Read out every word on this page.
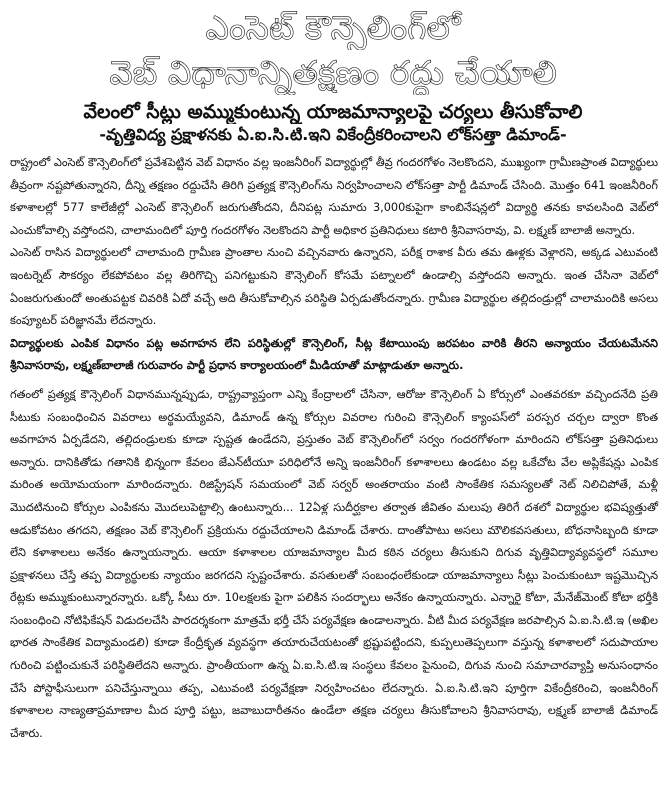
ఎంసెట్ కౌన్సెలింగ్‌లో
వెబ్ విధానాన్నితక్షణం రద్దు చేయాలి
వేలంలో సీట్లు అమ్ముకుంటున్న యాజమాన్యాలపై చర్యలు తీసుకోవాలి
-వృత్తివిద్య ప్రక్షాళనకు ఏ.ఐ.సి.టి.ఇని వికేంద్రీకరించాలని లోక్‌సత్తా డిమాండ్-

రాష్ట్రంలో ఎంసెట్ కౌన్సెలింగ్‌లో ప్రవేశపెట్టిన వెబ్ విధానం వల్ల ఇంజనీరింగ్ విద్యార్థుల్లో తీవ్ర గందరగోళం నెలకొందని, ముఖ్యంగా గ్రామీణప్రాంత విద్యార్థులు తీవ్రంగా నష్టపోతున్నారని, దీన్ని తక్షణం రద్దుచేసి తిరిగి ప్రత్యక్ష కౌన్సెలింగ్‌ను నిర్వహించాలని లోక్‌సత్తా పార్టీ డిమాండ్ చేసింది. మొత్తం 641 ఇంజనీరింగ్ కళాశాలల్లో 577 కాలేజీల్లో ఎంసెట్ కౌన్సెలింగ్ జరుగుతోందని, దీనిపట్ల సుమారు 3,000కుపైగా కాంబినేషన్లలో విద్యార్థి తనకు కావలసింది వెబ్‌లో ఎంచుకోవాల్సి వస్తోందని, చాలామందిలో పూర్తి గందరగోళం నెలకొందని పార్టీ అధికార ప్రతినిధులు కటారి శ్రీనివాసరావు, వి. లక్ష్మణ్ బాలాజీ అన్నారు.

ఎంసెట్ రాసిన విద్యార్థులలో చాలామంది గ్రామీణ ప్రాంతాల నుంచి వచ్చినవారు ఉన్నారని, పరీక్ష రాశాక వీరు తమ ఊళ్లకు వెళ్లారని, అక్కడ ఎటువంటి ఇంటర్నెట్ సౌకర్యం లేకపోవటం వల్ల తిరిగొచ్చి పనిగట్టుకుని కౌన్సెలింగ్ కోసమే పట్నాలలో ఉండాల్సి వస్తోందని అన్నారు. ఇంత చేసినా వెబ్‌లో ఏంజరుగుతుందో అంతుపట్టక చివరికి ఏదో వచ్చే అది తీసుకోవాల్సిన పరిస్థితి ఏర్పడుతోందన్నారు. గ్రామీణ విద్యార్థుల తల్లిదండ్రుల్లో చాలామందికి అసలు కంప్యూటర్ పరిజ్ఞానమే లేదన్నారు.

విద్యార్థులకు ఎంపిక విధానం పట్ల అవగాహన లేని పరిస్థితుల్లో కౌన్సెలింగ్, సీట్ల కేటాయింపు జరపటం వారికి తీరని అన్యాయం చేయటమేనని శ్రీనివాసరావు, లక్ష్మణ్‌బాలాజీ గురువారం పార్టీ ప్రధాన కార్యాలయంలో మీడియాతో మాట్లాడుతూ అన్నారు.

గతంలో ప్రత్యక్ష కౌన్సెలింగ్ విధానమున్నప్పుడు, రాష్ట్రవ్యాప్తంగా ఎన్ని కేంద్రాలలో చేసినా, ఆరోజు కౌన్సెలింగ్ ఏ కోర్సులో ఎంతవరకూ వచ్చిందనేది ప్రతి సీటుకు సంబంధించిన వివరాలు అర్థమయ్యేవని, డిమాండ్ ఉన్న కోర్సుల వివరాల గురించి కౌన్సెలింగ్ క్యాంపస్‌లో పరస్పర చర్చల ద్వారా కొంత అవగాహన ఏర్పడేదని, తల్లిదండ్రులకు కూడా స్పష్టత ఉండేదని, ప్రస్తుతం వెబ్ కౌన్సెలింగ్‌లో సర్వం గందరగోళంగా మారిందని లోక్‌సత్తా ప్రతినిధులు అన్నారు. దానికితోడు గతానికి భిన్నంగా కేవలం జేఎన్‌టీయూ పరిధిలోనే అన్ని ఇంజనీరింగ్ కళాశాలలు ఉండటం వల్ల ఒకేచోట వేల అప్లికేషన్లు ఎంపిక మరింత అయోమయంగా మారిందన్నారు. రిజిస్ట్రేషన్ సమయంలో వెబ్ సర్వర్ అంతరాయం వంటి సాంకేతిక సమస్యలతో నెట్ నిలిచిపోతే, మళ్లీ మొదటినుంచి కోర్సుల ఎంపికను మొదలుపెట్టాల్సి ఉంటున్నారు... 12ఏళ్ల సుదీర్ఘకాల తర్వాత జీవితం మలుపు తిరిగే దశలో విద్యార్థుల భవిష్యత్తుతో ఆడుకోవటం తగదని, తక్షణం వెబ్ కౌన్సెలింగ్ ప్రక్రియను రద్దుచేయాలని డిమాండ్ చేశారు. దాంతోపాటు అసలు మౌలికవసతులు, బోధనాసిబ్బంది కూడా లేని కళాశాలలు అనేకం ఉన్నాయన్నారు. ఆయా కళాశాలల యాజమాన్యాల మీద కఠిన చర్యలు తీసుకుని దిగువ వృత్తివిద్యావ్యవస్థలో సమూల ప్రక్షాళనలు చేస్తే తప్ప విద్యార్థులకు న్యాయం జరగదని స్పష్టంచేశారు. వసతులతో సంబంధంలేకుండా యాజమాన్యాలు సీట్లు పెంచుకుంటూ ఇష్టమొచ్చిన రేట్లకు అమ్ముకుంటున్నారన్నారు. ఒక్కో సీటు రూ. 10లక్షలకు పైగా పలికిన సందర్భాలు అనేకం ఉన్నాయన్నారు. ఎన్నారై కోటా, మేనేజ్‌మెంట్ కోటా భర్తీకి సంబంధించి నోటిఫికేషన్ విడుదలచేసి పారదర్శకంగా మాత్రమే భర్తీ చేసే పర్యవేక్షణ ఉండాలన్నారు. వీటి మీద పర్యవేక్షణ జరపాల్సిన ఏ.ఐ.సి.టి.ఇ (అఖిల భారత సాంకేతిక విద్యామండలి) కూడా కేంద్రీకృత వ్యవస్థగా తయారుచేయటంతో భ్రష్టుపట్టిందని, కుప్పలుతెప్పలుగా వస్తున్న కళాశాలలో సదుపాయాల గురించి పట్టించుకునే పరిస్థితిలేదని అన్నారు. ప్రాంతీయంగా ఉన్న ఏ.ఐ.సి.టి.ఇ సంస్థలు కేవలం పైనుంచి, దిగువ నుంచి సమాచారవ్యాప్తి అనుసంధానం చేసే పోస్టాఫీసులుగా పనిచేస్తున్నాయి తప్ప, ఎటువంటి పర్యవేక్షణా నిర్వహించటం లేదన్నారు. ఏ.ఐ.సి.టి.ఇని పూర్తిగా వికేంద్రీకరించి, ఇంజనీరింగ్ కళాశాలల నాణ్యతాప్రమాణాల మీద పూర్తి పట్టు, జవాబుదారీతనం ఉండేలా తక్షణ చర్యలు తీసుకోవాలని శ్రీనివాసరావు, లక్ష్మణ్ బాలాజీ డిమాండ్ చేశారు.
